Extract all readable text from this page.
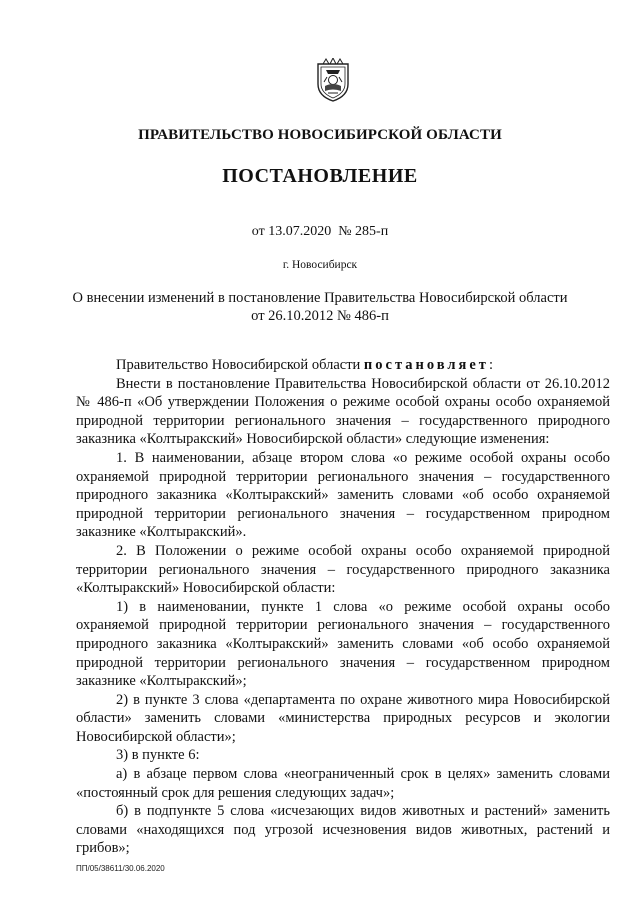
ПРАВИТЕЛЬСТВО НОВОСИБИРСКОЙ ОБЛАСТИ
ПОСТАНОВЛЕНИЕ
от 13.07.2020  № 285-п
г. Новосибирск
О внесении изменений в постановление Правительства Новосибирской области
от 26.10.2012 № 486-п

Правительство Новосибирской области постановляет:

Внести в постановление Правительства Новосибирской области от 26.10.2012 № 486-п «Об утверждении Положения о режиме особой охраны особо охраняемой природной территории регионального значения – государственного природного заказника «Колтыракский» Новосибирской области» следующие изменения:

1. В наименовании, абзаце втором слова «о режиме особой охраны особо охраняемой природной территории регионального значения – государственного природного заказника «Колтыракский» заменить словами «об особо охраняемой природной территории регионального значения – государственном природном заказнике «Колтыракский».

2. В Положении о режиме особой охраны особо охраняемой природной территории регионального значения – государственного природного заказника «Колтыракский» Новосибирской области:

1) в наименовании, пункте 1 слова «о режиме особой охраны особо охраняемой природной территории регионального значения – государственного природного заказника «Колтыракский» заменить словами «об особо охраняемой природной территории регионального значения – государственном природном заказнике «Колтыракский»;

2) в пункте 3 слова «департамента по охране животного мира Новосибирской области» заменить словами «министерства природных ресурсов и экологии Новосибирской области»;

3) в пункте 6:

а) в абзаце первом слова «неограниченный срок в целях» заменить словами «постоянный срок для решения следующих задач»;

б) в подпункте 5 слова «исчезающих видов животных и растений» заменить словами «находящихся под угрозой исчезновения видов животных, растений и грибов»;

ПП/05/38611/30.06.2020
